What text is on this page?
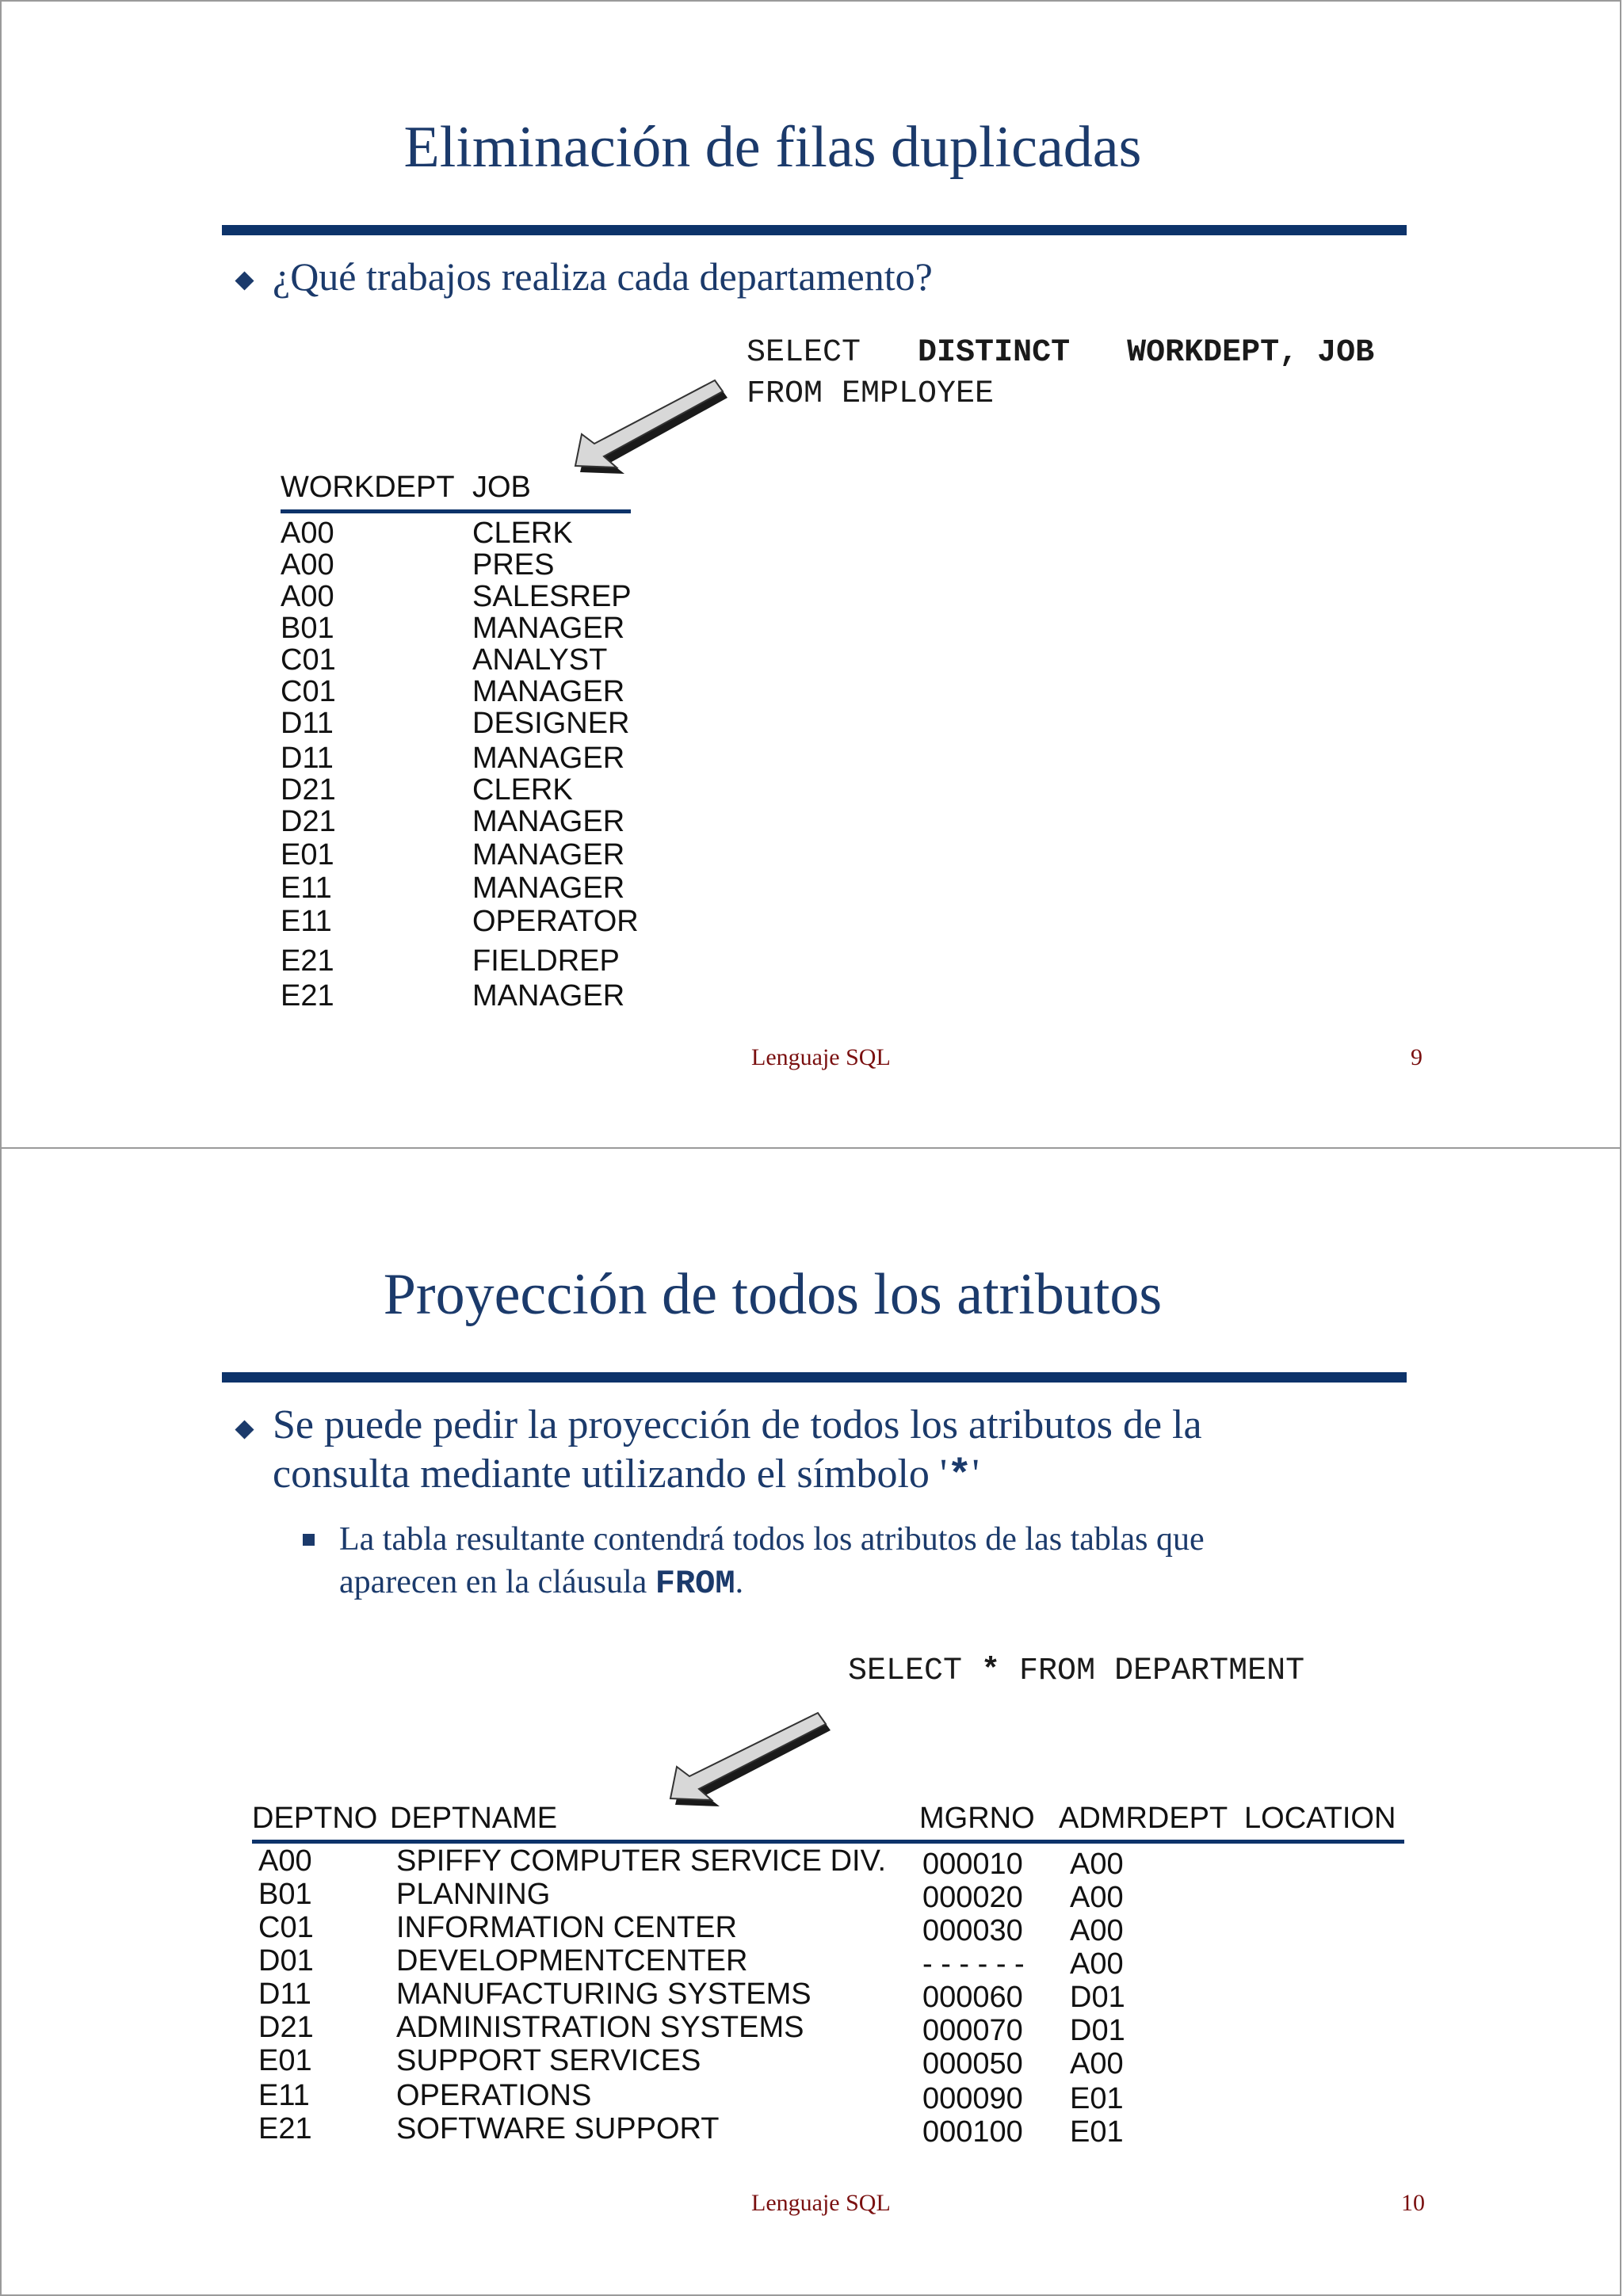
Eliminación de filas duplicadas
¿Qué trabajos realiza cada departamento?
SELECT DISTINCT WORKDEPT, JOB
FROM EMPLOYEE
WORKDEPT JOB
A00	CLERK
A00	PRES
A00	SALESREP
B01	MANAGER
C01	ANALYST
C01	MANAGER
D11	DESIGNER
D11	MANAGER
D21	CLERK
D21	MANAGER
E01	MANAGER
E11	MANAGER
E11	OPERATOR
E21	FIELDREP
E21	MANAGER
Lenguaje SQL	9
Proyección de todos los atributos
Se puede pedir la proyección de todos los atributos de la
consulta mediante utilizando el símbolo '*'
La tabla resultante contendrá todos los atributos de las tablas que
aparecen en la cláusula FROM.
SELECT * FROM DEPARTMENT
DEPTNO DEPTNAME	MGRNO ADMRDEPT LOCATION
A00	SPIFFY COMPUTER SERVICE DIV. 000010 A00
B01	PLANNING	000020 A00
C01	INFORMATION CENTER	000030 A00
D01	DEVELOPMENTCENTER	- - - - - - A00
D11	MANUFACTURING SYSTEMS	000060 D01
D21	ADMINISTRATION SYSTEMS	000070 D01
E01	SUPPORT SERVICES	000050 A00
E11	OPERATIONS	000090 E01
E21	SOFTWARE SUPPORT	000100 E01
Lenguaje SQL	10
